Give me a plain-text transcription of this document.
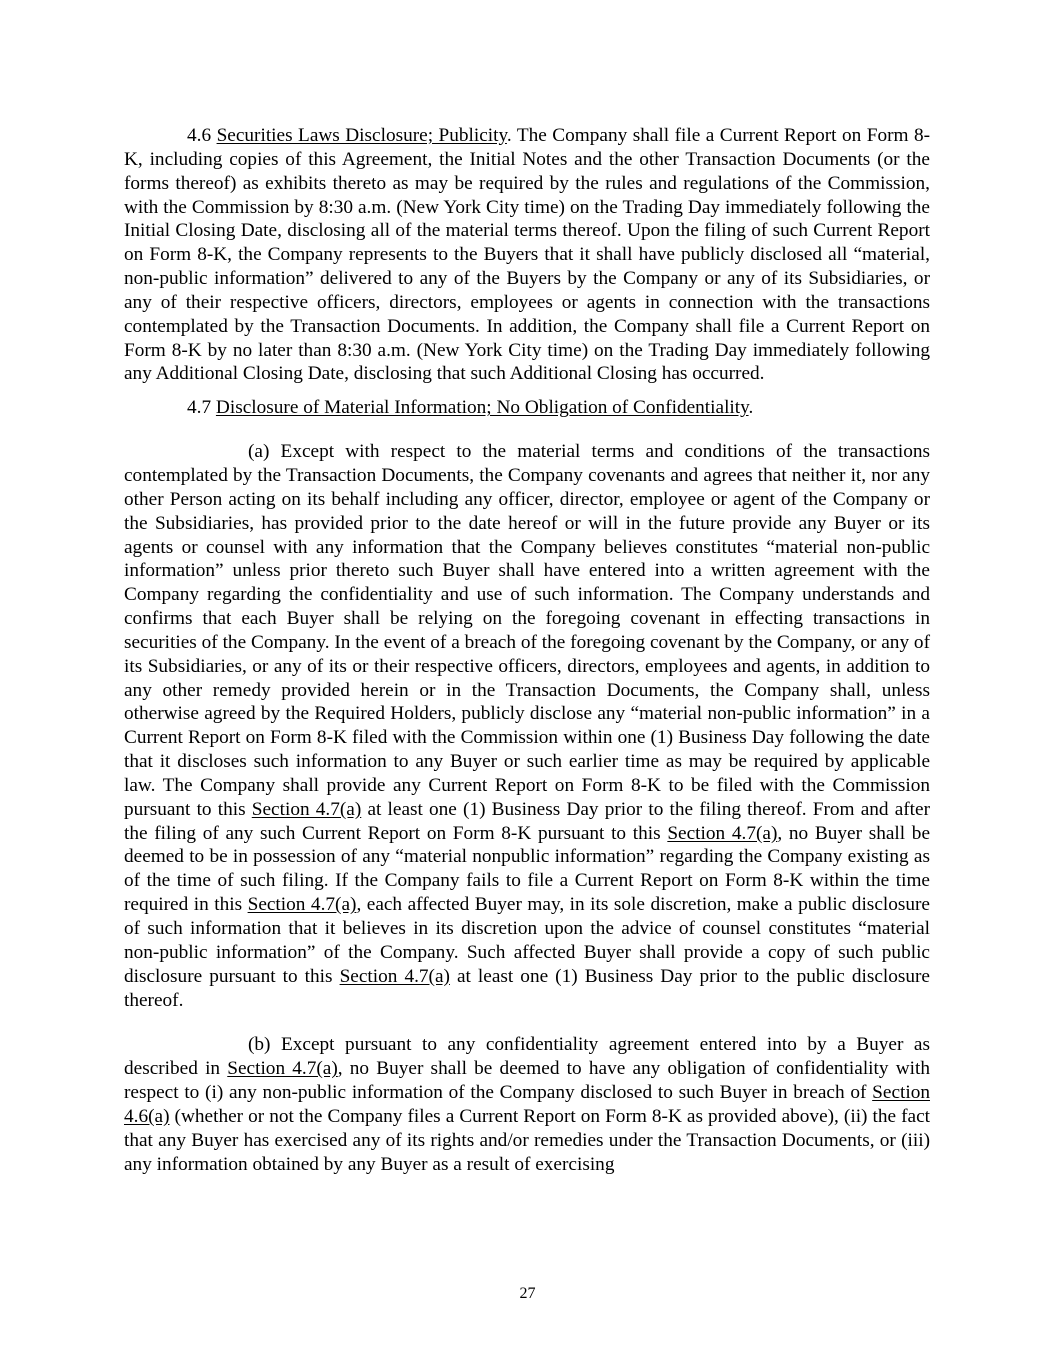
4.6 Securities Laws Disclosure; Publicity. The Company shall file a Current Report on Form 8-K, including copies of this Agreement, the Initial Notes and the other Transaction Documents (or the forms thereof) as exhibits thereto as may be required by the rules and regulations of the Commission, with the Commission by 8:30 a.m. (New York City time) on the Trading Day immediately following the Initial Closing Date, disclosing all of the material terms thereof. Upon the filing of such Current Report on Form 8-K, the Company represents to the Buyers that it shall have publicly disclosed all “material, non-public information” delivered to any of the Buyers by the Company or any of its Subsidiaries, or any of their respective officers, directors, employees or agents in connection with the transactions contemplated by the Transaction Documents. In addition, the Company shall file a Current Report on Form 8-K by no later than 8:30 a.m. (New York City time) on the Trading Day immediately following any Additional Closing Date, disclosing that such Additional Closing has occurred.

4.7 Disclosure of Material Information; No Obligation of Confidentiality.

(a) Except with respect to the material terms and conditions of the transactions contemplated by the Transaction Documents, the Company covenants and agrees that neither it, nor any other Person acting on its behalf including any officer, director, employee or agent of the Company or the Subsidiaries, has provided prior to the date hereof or will in the future provide any Buyer or its agents or counsel with any information that the Company believes constitutes “material non-public information” unless prior thereto such Buyer shall have entered into a written agreement with the Company regarding the confidentiality and use of such information. The Company understands and confirms that each Buyer shall be relying on the foregoing covenant in effecting transactions in securities of the Company. In the event of a breach of the foregoing covenant by the Company, or any of its Subsidiaries, or any of its or their respective officers, directors, employees and agents, in addition to any other remedy provided herein or in the Transaction Documents, the Company shall, unless otherwise agreed by the Required Holders, publicly disclose any “material non-public information” in a Current Report on Form 8-K filed with the Commission within one (1) Business Day following the date that it discloses such information to any Buyer or such earlier time as may be required by applicable law. The Company shall provide any Current Report on Form 8-K to be filed with the Commission pursuant to this Section 4.7(a) at least one (1) Business Day prior to the filing thereof. From and after the filing of any such Current Report on Form 8-K pursuant to this Section 4.7(a), no Buyer shall be deemed to be in possession of any “material nonpublic information” regarding the Company existing as of the time of such filing. If the Company fails to file a Current Report on Form 8-K within the time required in this Section 4.7(a), each affected Buyer may, in its sole discretion, make a public disclosure of such information that it believes in its discretion upon the advice of counsel constitutes “material non-public information” of the Company. Such affected Buyer shall provide a copy of such public disclosure pursuant to this Section 4.7(a) at least one (1) Business Day prior to the public disclosure thereof.

(b) Except pursuant to any confidentiality agreement entered into by a Buyer as described in Section 4.7(a), no Buyer shall be deemed to have any obligation of confidentiality with respect to (i) any non-public information of the Company disclosed to such Buyer in breach of Section 4.6(a) (whether or not the Company files a Current Report on Form 8-K as provided above), (ii) the fact that any Buyer has exercised any of its rights and/or remedies under the Transaction Documents, or (iii) any information obtained by any Buyer as a result of exercising

27
